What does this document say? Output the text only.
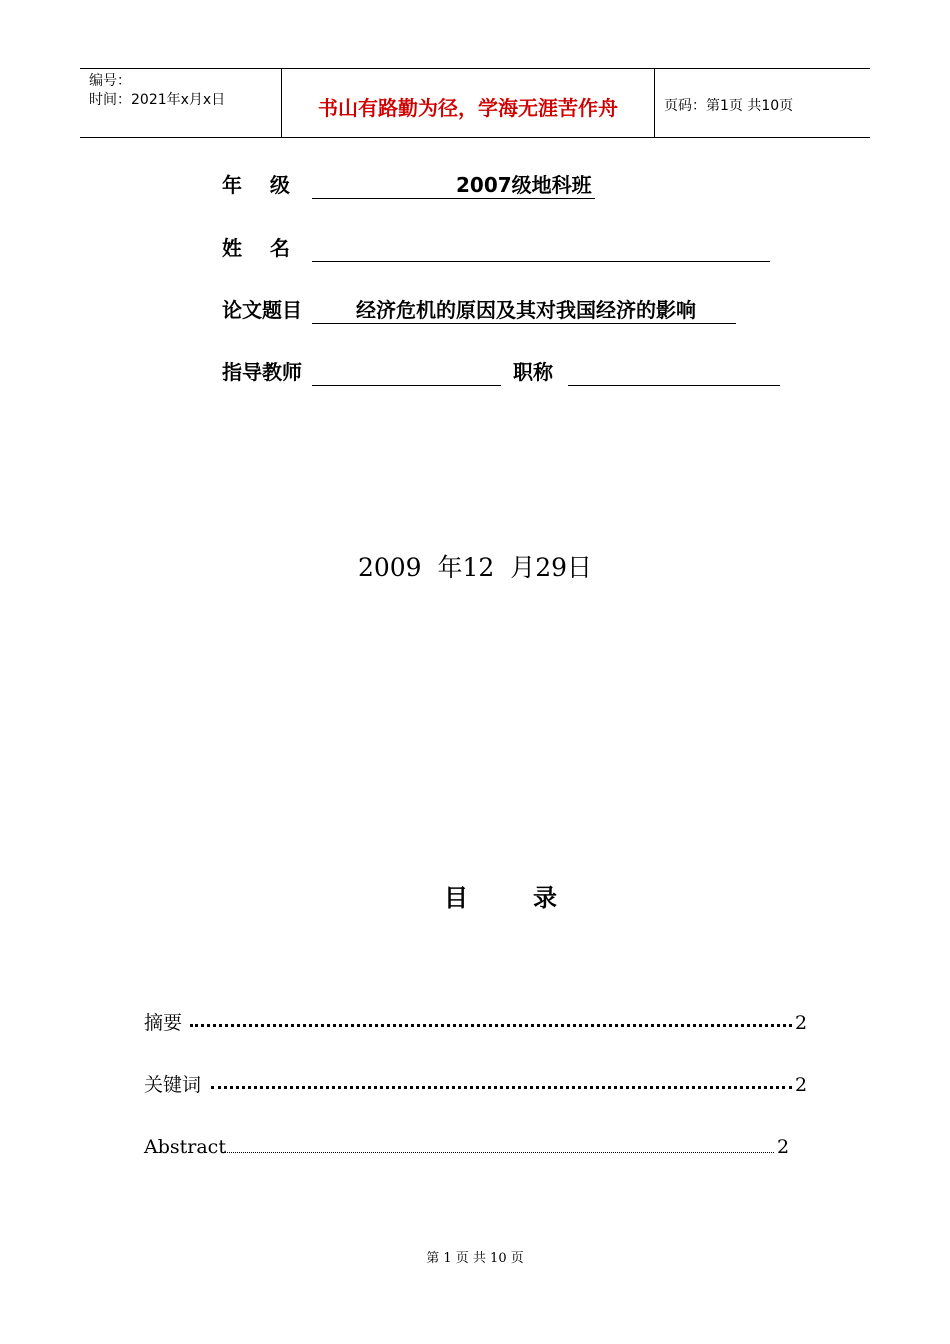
编号：
时间：2021年x月x日	书山有路勤为径，学海无涯苦作舟	页码：第1页 共10页
年    级	2007级地科班
姓    名
论文题目	经济危机的原因及其对我国经济的影响
指导教师	职称
2009  年12  月29日
目	录
摘要	2
关键词	2
Abstract	2
第 1 页 共 10 页
